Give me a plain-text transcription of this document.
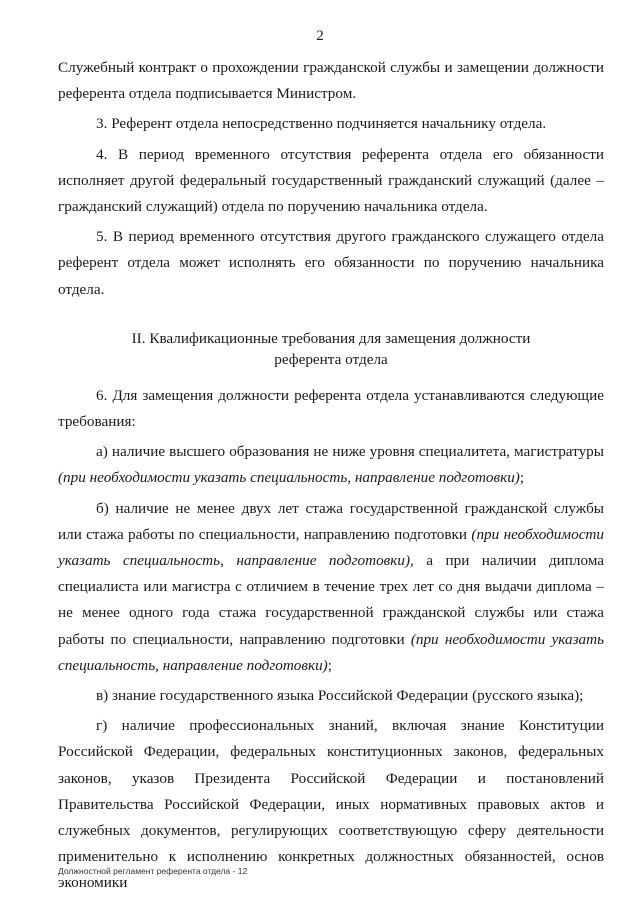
2

Служебный контракт о прохождении гражданской службы и замещении должности референта отдела подписывается Министром.

3. Референт отдела непосредственно подчиняется начальнику отдела.

4. В период временного отсутствия референта отдела его обязанности исполняет другой федеральный государственный гражданский служащий (далее – гражданский служащий) отдела по поручению начальника отдела.

5. В период временного отсутствия другого гражданского служащего отдела референт отдела может исполнять его обязанности по поручению начальника отдела.

II. Квалификационные требования для замещения должности
референта отдела

6. Для замещения должности референта отдела устанавливаются следующие требования:

а) наличие высшего образования не ниже уровня специалитета, магистратуры (при необходимости указать специальность, направление подготовки);

б) наличие не менее двух лет стажа государственной гражданской службы или стажа работы по специальности, направлению подготовки (при необходимости указать специальность, направление подготовки), а при наличии диплома специалиста или магистра с отличием в течение трех лет со дня выдачи диплома – не менее одного года стажа государственной гражданской службы или стажа работы по специальности, направлению подготовки (при необходимости указать специальность, направление подготовки);

в) знание государственного языка Российской Федерации (русского языка);

г) наличие профессиональных знаний, включая знание Конституции Российской Федерации, федеральных конституционных законов, федеральных законов, указов Президента Российской Федерации и постановлений Правительства Российской Федерации, иных нормативных правовых актов и служебных документов, регулирующих соответствующую сферу деятельности применительно к исполнению конкретных должностных обязанностей, основ экономики

Должностной регламент референта отдела - 12
